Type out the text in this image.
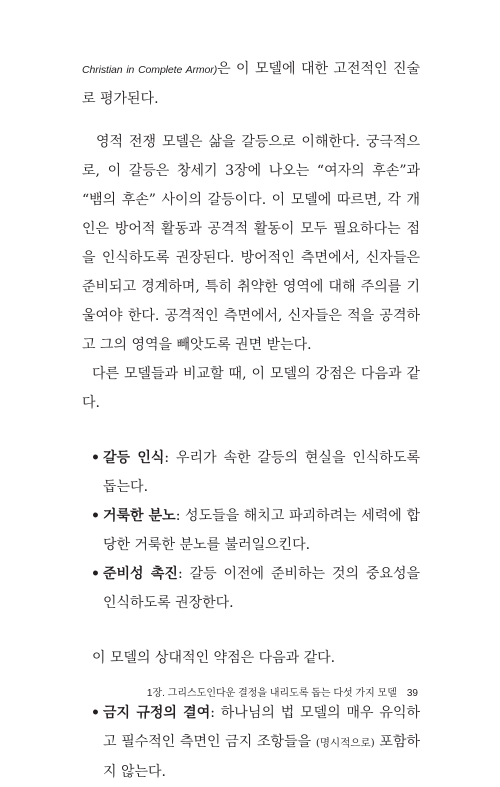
Christian in Complete Armor)은 이 모델에 대한 고전적인 진술로 평가된다.

영적 전쟁 모델은 삶을 갈등으로 이해한다. 궁극적으로, 이 갈등은 창세기 3장에 나오는 “여자의 후손”과 “뱀의 후손” 사이의 갈등이다. 이 모델에 따르면, 각 개인은 방어적 활동과 공격적 활동이 모두 필요하다는 점을 인식하도록 권장된다. 방어적인 측면에서, 신자들은 준비되고 경계하며, 특히 취약한 영역에 대해 주의를 기울여야 한다. 공격적인 측면에서, 신자들은 적을 공격하고 그의 영역을 빼앗도록 권면 받는다.

다른 모델들과 비교할 때, 이 모델의 강점은 다음과 같다.

• 갈등 인식: 우리가 속한 갈등의 현실을 인식하도록 돕는다.
• 거룩한 분노: 성도들을 해치고 파괴하려는 세력에 합당한 거룩한 분노를 불러일으킨다.
• 준비성 촉진: 갈등 이전에 준비하는 것의 중요성을 인식하도록 권장한다.

이 모델의 상대적인 약점은 다음과 같다.

• 금지 규정의 결여: 하나님의 법 모델의 매우 유익하고 필수적인 측면인 금지 조항들을 (명시적으로) 포함하지 않는다.
1장. 그리스도인다운 결정을 내리도록 돕는 다섯 가지 모델 39
